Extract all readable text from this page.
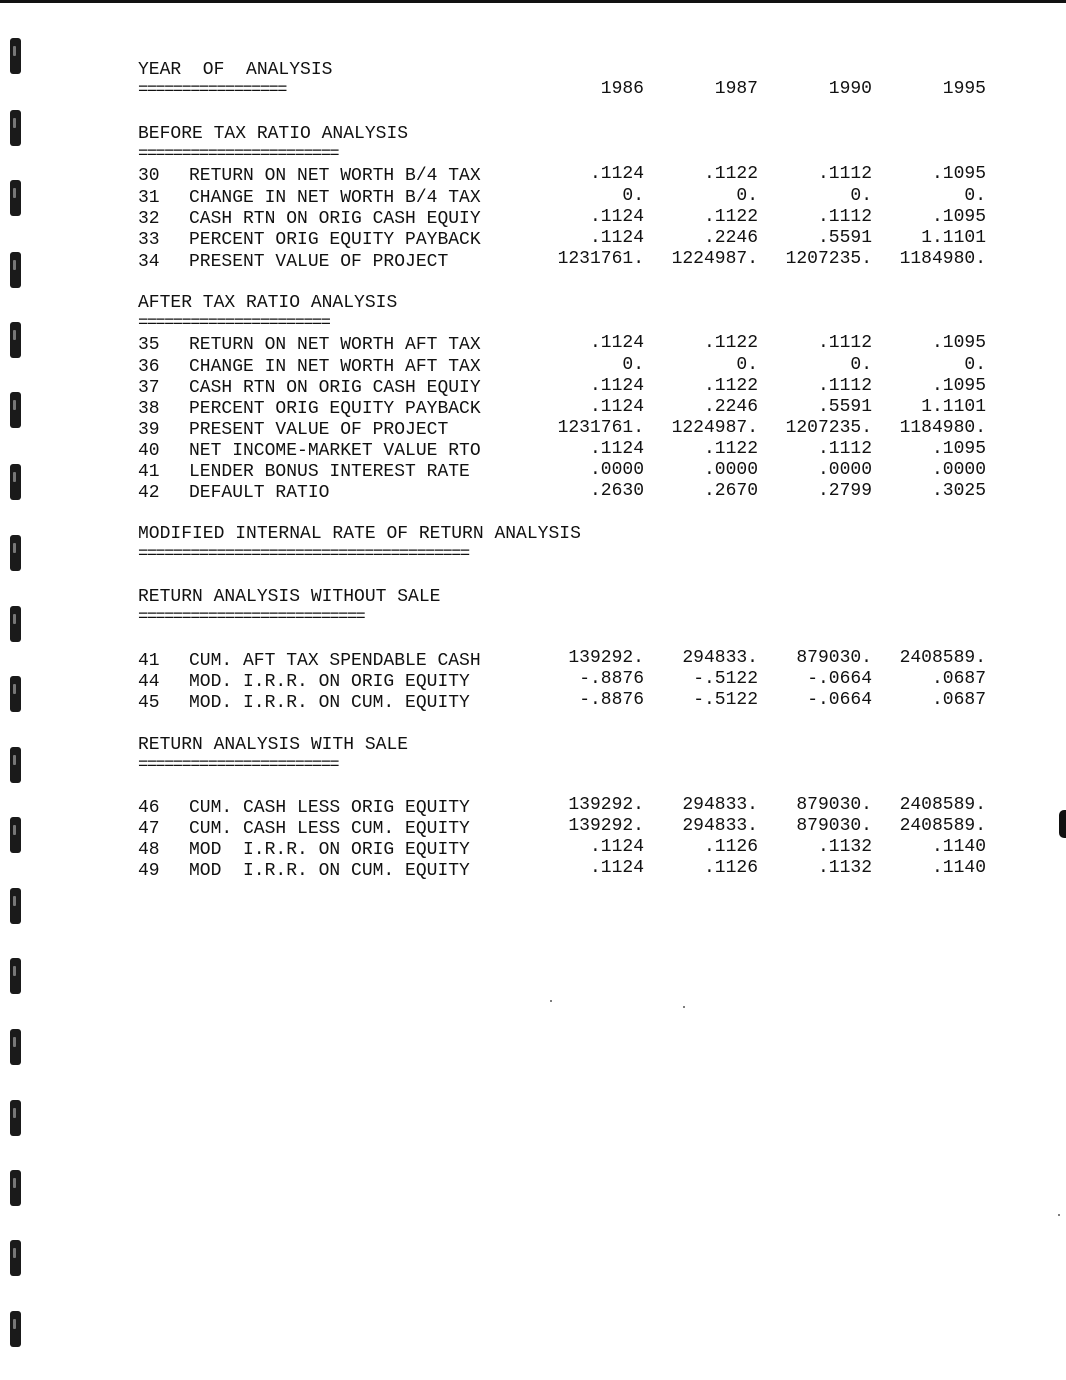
YEAR  OF  ANALYSIS
=================	1986	1987	1990	1995
BEFORE TAX RATIO ANALYSIS
=======================
30	RETURN ON NET WORTH B/4 TAX	.1124	.1122	.1112	.1095
31	CHANGE IN NET WORTH B/4 TAX	0.	0.	0.	0.
32	CASH RTN ON ORIG CASH EQUIY	.1124	.1122	.1112	.1095
33	PERCENT ORIG EQUITY PAYBACK	.1124	.2246	.5591	1.1101
34	PRESENT VALUE OF PROJECT	1231761.	1224987.	1207235.	1184980.
AFTER TAX RATIO ANALYSIS
======================
35	RETURN ON NET WORTH AFT TAX	.1124	.1122	.1112	.1095
36	CHANGE IN NET WORTH AFT TAX	0.	0.	0.	0.
37	CASH RTN ON ORIG CASH EQUIY	.1124	.1122	.1112	.1095
38	PERCENT ORIG EQUITY PAYBACK	.1124	.2246	.5591	1.1101
39	PRESENT VALUE OF PROJECT	1231761.	1224987.	1207235.	1184980.
40	NET INCOME-MARKET VALUE RTO	.1124	.1122	.1112	.1095
41	LENDER BONUS INTEREST RATE	.0000	.0000	.0000	.0000
42	DEFAULT RATIO	.2630	.2670	.2799	.3025
MODIFIED INTERNAL RATE OF RETURN ANALYSIS
======================================
RETURN ANALYSIS WITHOUT SALE
==========================
41	CUM. AFT TAX SPENDABLE CASH	139292.	294833.	879030.	2408589.
44	MOD. I.R.R. ON ORIG EQUITY	-.8876	-.5122	-.0664	.0687
45	MOD. I.R.R. ON CUM. EQUITY	-.8876	-.5122	-.0664	.0687
RETURN ANALYSIS WITH SALE
=======================
46	CUM. CASH LESS ORIG EQUITY	139292.	294833.	879030.	2408589.
47	CUM. CASH LESS CUM. EQUITY	139292.	294833.	879030.	2408589.
48	MOD  I.R.R. ON ORIG EQUITY	.1124	.1126	.1132	.1140
49	MOD  I.R.R. ON CUM. EQUITY	.1124	.1126	.1132	.1140
